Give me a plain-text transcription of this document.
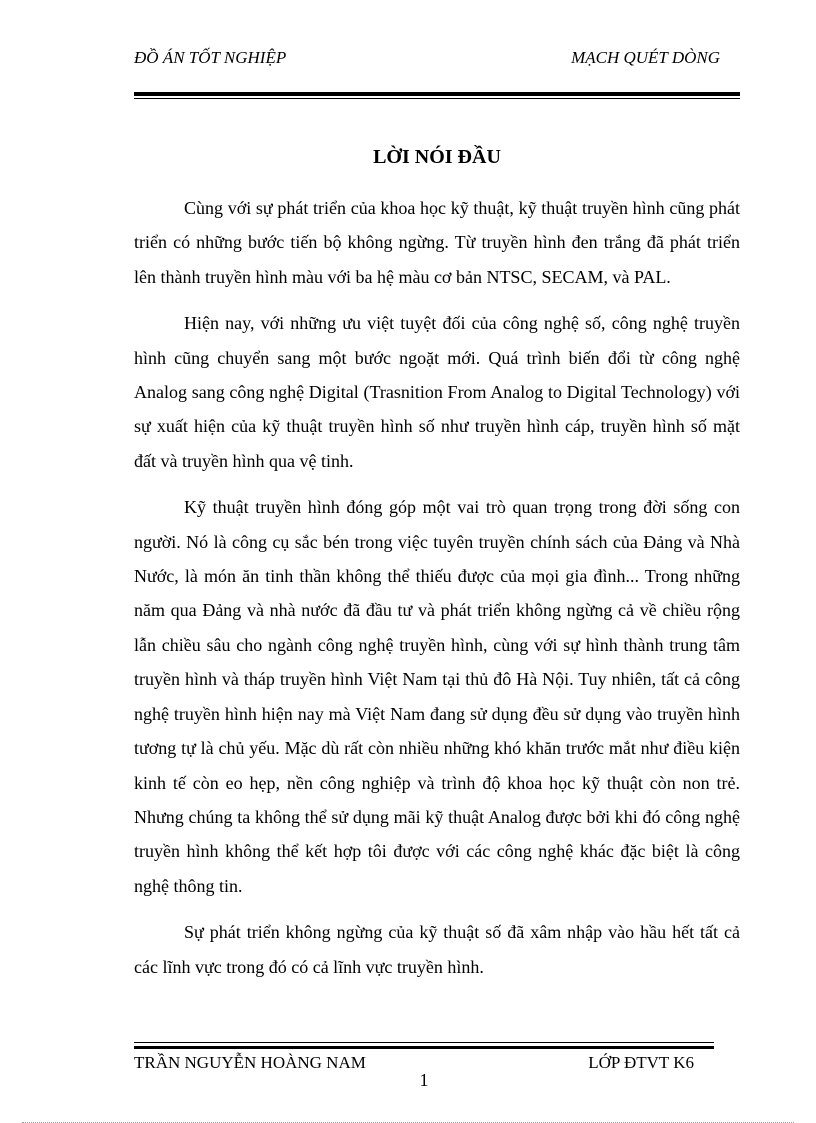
ĐỒ ÁN TỐT NGHIỆP	MẠCH QUÉT DÒNG
LỜI NÓI ĐẦU

Cùng với sự phát triển của khoa học kỹ thuật, kỹ thuật truyền hình cũng phát triển có những bước tiến bộ không ngừng. Từ truyền hình đen trắng đã phát triển lên thành truyền hình màu với ba hệ màu cơ bản NTSC, SECAM, và PAL.

Hiện nay, với những ưu việt tuyệt đối của công nghệ số, công nghệ truyền hình cũng chuyển sang một bước ngoặt mới. Quá trình biến đổi từ công nghệ Analog sang công nghệ Digital (Trasnition From Analog to Digital Technology) với sự xuất hiện của kỹ thuật truyền hình số như truyền hình cáp, truyền hình số mặt đất và truyền hình qua vệ tinh.

Kỹ thuật truyền hình đóng góp một vai trò quan trọng trong đời sống con người. Nó là công cụ sắc bén trong việc tuyên truyền chính sách của Đảng và Nhà Nước, là món ăn tinh thần không thể thiếu được của mọi gia đình... Trong những năm qua Đảng và nhà nước đã đầu tư và phát triển không ngừng cả về chiều rộng lẫn chiều sâu cho ngành công nghệ truyền hình, cùng với sự hình thành trung tâm truyền hình và tháp truyền hình Việt Nam tại thủ đô Hà Nội. Tuy nhiên, tất cả công nghệ truyền hình hiện nay mà Việt Nam đang sử dụng đều sử dụng vào truyền hình tương tự là chủ yếu. Mặc dù rất còn nhiều những khó khăn trước mắt như điều kiện kinh tế còn eo hẹp, nền công nghiệp và trình độ khoa học kỹ thuật còn non trẻ. Nhưng chúng ta không thể sử dụng mãi kỹ thuật Analog được bởi khi đó công nghệ truyền hình không thể kết hợp tôi được với các công nghệ khác đặc biệt là công nghệ thông tin.

Sự phát triển không ngừng của kỹ thuật số đã xâm nhập vào hầu hết tất cả các lĩnh vực trong đó có cả lĩnh vực truyền hình.

TRẦN NGUYỄN HOÀNG NAM	LỚP ĐTVT K6
1
